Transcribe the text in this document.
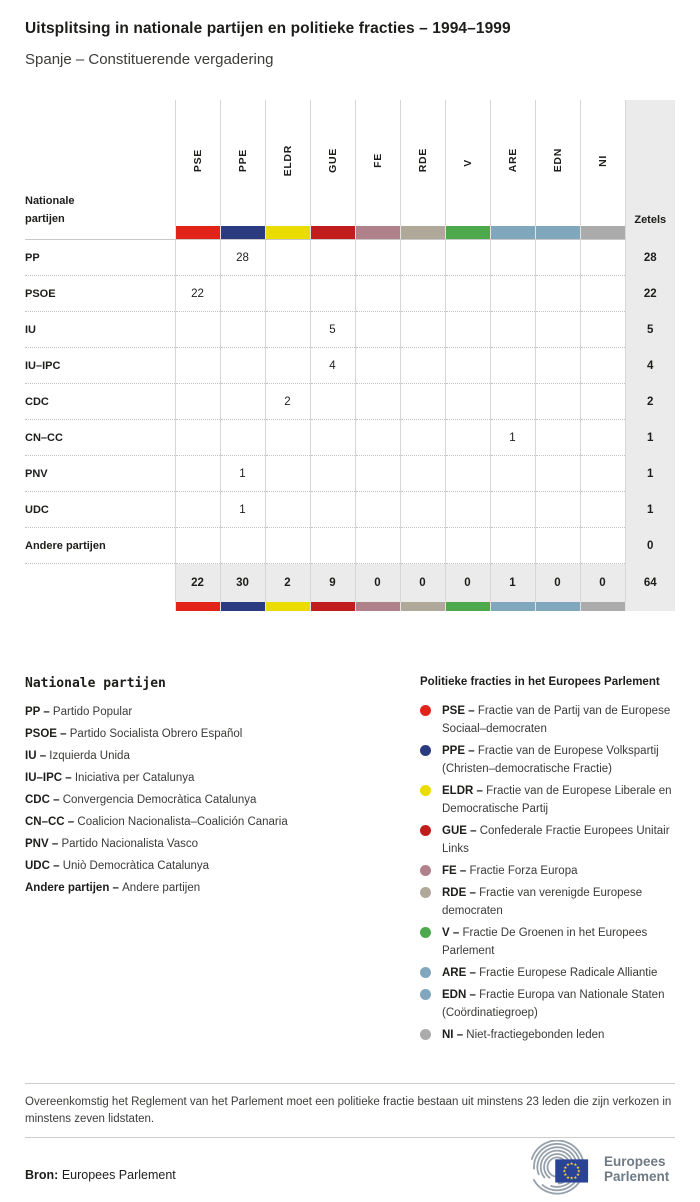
Uitsplitsing in nationale partijen en politieke fracties – 1994–1999
Spanje – Constituerende vergadering
Nationale partijen	PSE	PPE	ELDR	GUE	FE	RDE	V	ARE	EDN	NI	Zetels

PP		28									28
PSOE	22										22
IU				5							5
IU–IPC				4							4
CDC			2								2
CN–CC								1			1
PNV		1									1
UDC		1									1
Andere partijen											0
	22	30	2	9	0	0	0	1	0	0	64

Nationale partijen
PP – Partido Popular
PSOE – Partido Socialista Obrero Español
IU – Izquierda Unida
IU–IPC – Iniciativa per Catalunya
CDC – Convergencia Democràtica Catalunya
CN–CC – Coalicion Nacionalista–Coalición Canaria
PNV – Partido Nacionalista Vasco
UDC – Uniò Democràtica Catalunya
Andere partijen – Andere partijen
Politieke fracties in het Europees Parlement
PSE – Fractie van de Partij van de Europese Sociaal–democraten
PPE – Fractie van de Europese Volkspartij (Christen–democratische Fractie)
ELDR – Fractie van de Europese Liberale en Democratische Partij
GUE – Confederale Fractie Europees Unitair Links
FE – Fractie Forza Europa
RDE – Fractie van verenigde Europese democraten
V – Fractie De Groenen in het Europees Parlement
ARE – Fractie Europese Radicale Alliantie
EDN – Fractie Europa van Nationale Staten (Coördinatiegroep)
NI – Niet-fractiegebonden leden
Overeenkomstig het Reglement van het Parlement moet een politieke fractie bestaan uit minstens 23 leden die zijn verkozen in minstens zeven lidstaten.
Bron: Europees Parlement	★
★
★
★
★
★
★
★
★ ★ ★
★ Europees
Parlement
